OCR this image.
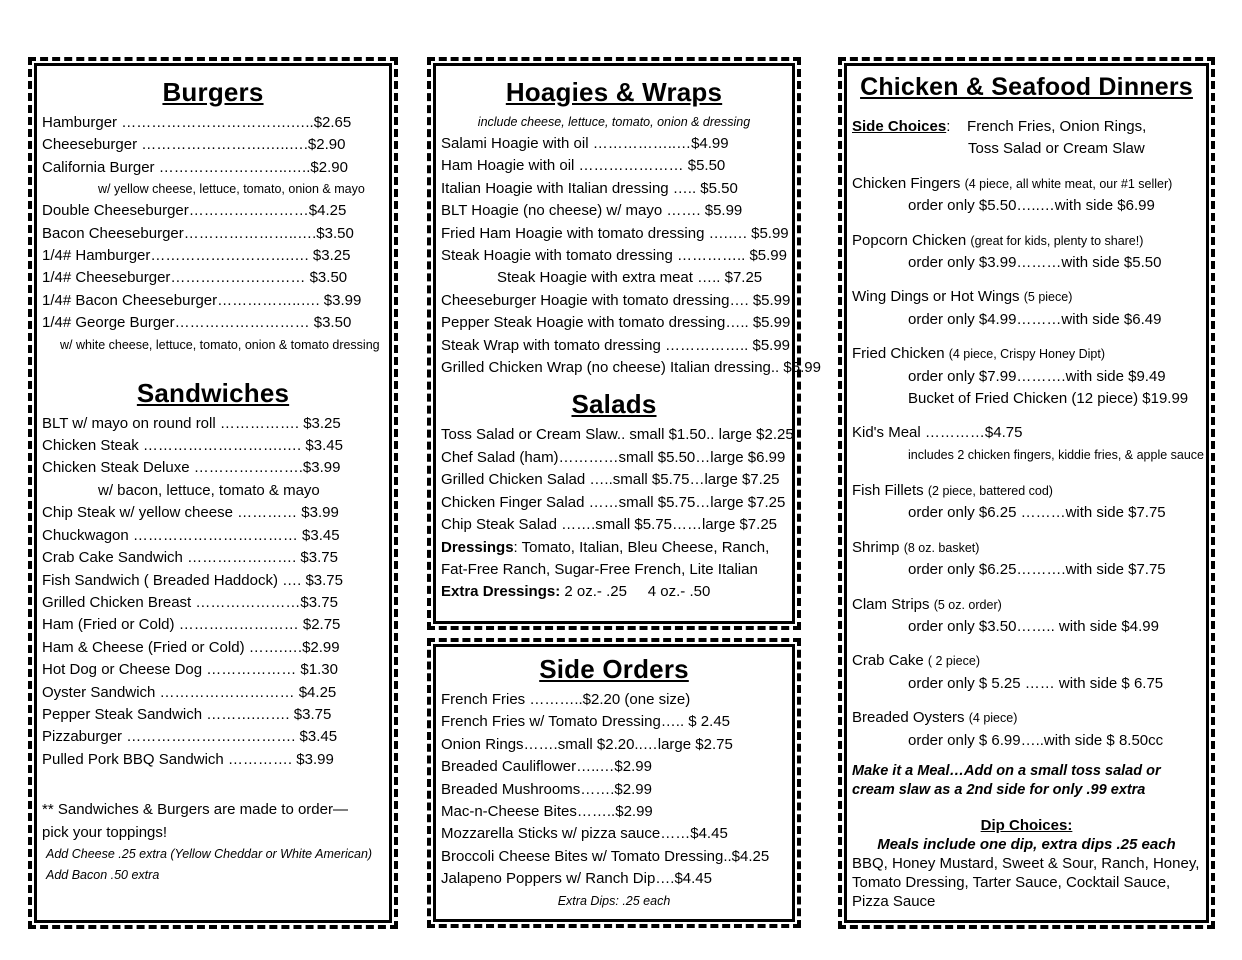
Burgers
Hamburger …………………………….…..$2.65
Cheeseburger …………………….…..….$2.90
California Burger ……………………..…..$2.90
w/ yellow cheese, lettuce, tomato, onion & mayo
Double Cheeseburger……………………$4.25
Bacon Cheeseburger…………………..….$3.50
1/4# Hamburger……………………….…. $3.25
1/4# Cheeseburger……………………… $3.50
1/4# Bacon Cheeseburger……………..…. $3.99
1/4# George Burger……………………… $3.50
w/ white cheese, lettuce, tomato, onion & tomato dressing
Sandwiches
BLT w/ mayo on round roll ……………. $3.25
Chicken Steak ……………………….…. $3.45
Chicken Steak Deluxe ………………….$3.99
w/ bacon, lettuce, tomato & mayo
Chip Steak w/ yellow cheese ………… $3.99
Chuckwagon …………………………… $3.45
Crab Cake Sandwich …………………. $3.75
Fish Sandwich ( Breaded Haddock) …. $3.75
Grilled Chicken Breast …………………$3.75
Ham (Fried or Cold) …………………… $2.75
Ham & Cheese (Fried or Cold) …….….$2.99
Hot Dog or Cheese Dog ……………… $1.30
Oyster Sandwich ……………………… $4.25
Pepper Steak Sandwich ……….……. $3.75
Pizzaburger ……………………………. $3.45
Pulled Pork BBQ Sandwich …………. $3.99
** Sandwiches & Burgers are made to order—
pick your toppings!
Add Cheese .25 extra (Yellow Cheddar or White American)
Add Bacon .50 extra
Hoagies & Wraps
include cheese, lettuce, tomato, onion & dressing
Salami Hoagie with oil ……………..…$4.99
Ham Hoagie with oil ………………… $5.50
Italian Hoagie with Italian dressing ….. $5.50
BLT Hoagie (no cheese) w/ mayo ……. $5.99
Fried Ham Hoagie with tomato dressing ….…. $5.99
Steak Hoagie with tomato dressing ………….. $5.99
Steak Hoagie with extra meat ….. $7.25
Cheeseburger Hoagie with tomato dressing…. $5.99
Pepper Steak Hoagie with tomato dressing….. $5.99
Steak Wrap with tomato dressing …………….. $5.99
Grilled Chicken Wrap (no cheese) Italian dressing.. $5.99
Salads
Toss Salad or Cream Slaw.. small $1.50.. large $2.25
Chef Salad (ham)…………small $5.50…large $6.99
Grilled Chicken Salad …..small $5.75…large $7.25
Chicken Finger Salad ……small $5.75…large $7.25
Chip Steak Salad …….small $5.75……large $7.25
Dressings: Tomato, Italian, Bleu Cheese, Ranch,
Fat-Free Ranch, Sugar-Free French, Lite Italian
Extra Dressings: 2 oz.- .25     4 oz.- .50
Side Orders
French Fries ………..$2.20 (one size)
French Fries w/ Tomato Dressing….. $ 2.45
Onion Rings…….small $2.20..…large $2.75
Breaded Cauliflower…..…$2.99
Breaded Mushrooms…….$2.99
Mac-n-Cheese Bites……..$2.99
Mozzarella Sticks w/ pizza sauce……$4.45
Broccoli Cheese Bites w/ Tomato Dressing..$4.25
Jalapeno Poppers w/ Ranch Dip….$4.45
Extra Dips: .25 each
Chicken & Seafood Dinners
Side Choices:    French Fries, Onion Rings,
Toss Salad or Cream Slaw
Chicken Fingers (4 piece, all white meat, our #1 seller)
order only $5.50…..…with side $6.99
Popcorn Chicken (great for kids, plenty to share!)
order only $3.99………with side $5.50
Wing Dings or Hot Wings (5 piece)
order only $4.99………with side $6.49
Fried Chicken (4 piece, Crispy Honey Dipt)
order only $7.99……….with side $9.49
Bucket of Fried Chicken (12 piece) $19.99
Kid's Meal …………$4.75
includes 2 chicken fingers, kiddie fries, & apple sauce
Fish Fillets (2 piece, battered cod)
order only $6.25 ………with side $7.75
Shrimp (8 oz. basket)
order only $6.25……….with side $7.75
Clam Strips (5 oz. order)
order only $3.50…….. with side $4.99
Crab Cake ( 2 piece)
order only $ 5.25 …… with side $ 6.75
Breaded Oysters (4 piece)
order only $ 6.99…..with side $ 8.50cc
Make it a Meal…Add on a small toss salad or
cream slaw as a 2nd side for only .99 extra
Dip Choices:
Meals include one dip, extra dips .25 each
BBQ, Honey Mustard, Sweet & Sour, Ranch, Honey, Tomato Dressing, Tarter Sauce, Cocktail Sauce, Pizza Sauce
